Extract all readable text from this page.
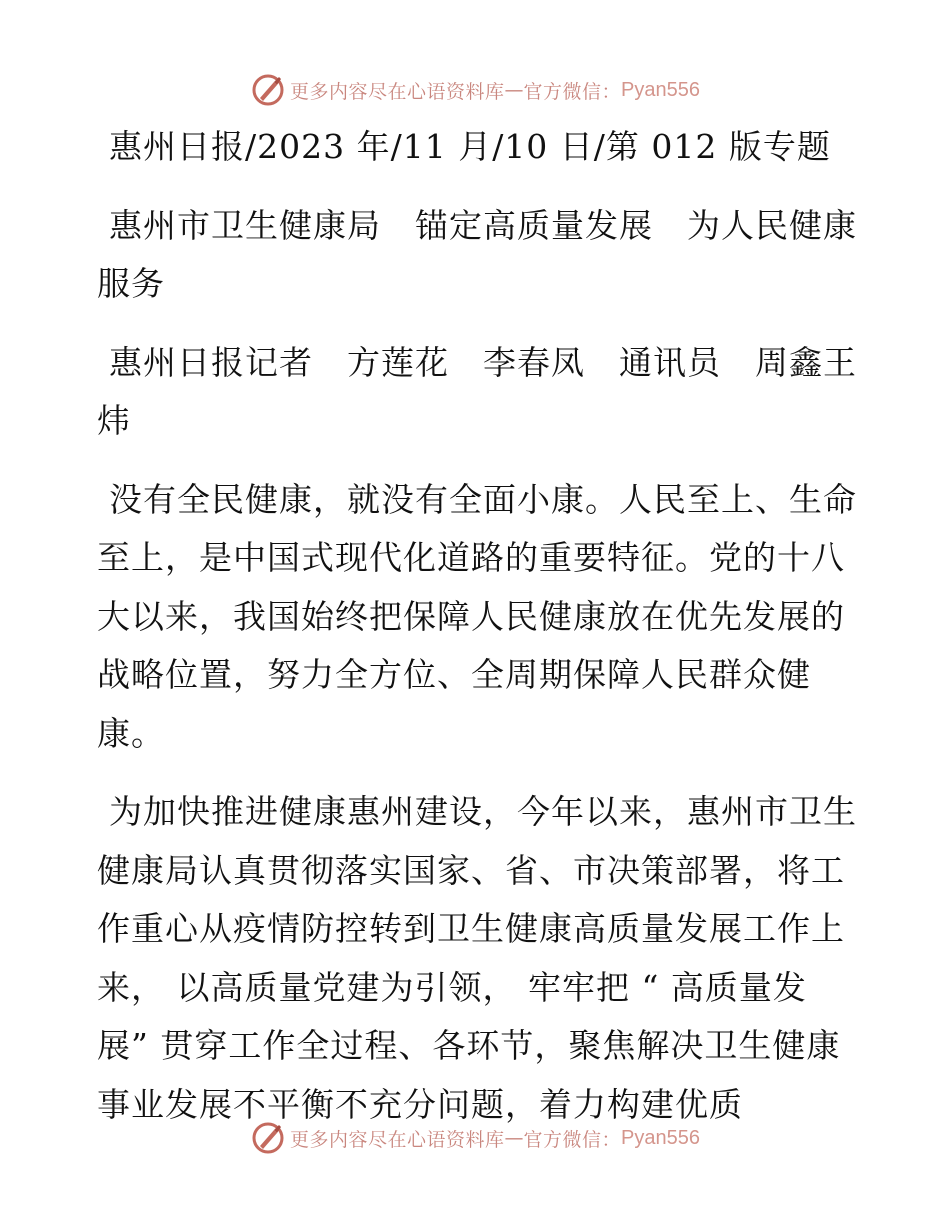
更多内容尽在心语资料库 — 官方微信： Pyan556

惠州日报/2023 年/11 月/10 日/第 012 版专题

惠州市卫生健康局　锚定高质量发展　为人民健康服务

惠州日报记者　方莲花　李春凤　通讯员　周鑫王炜

没有全民健康，就没有全面小康。人民至上、生命至上，是中国式现代化道路的重要特征。党的十八大以来，我国始终把保障人民健康放在优先发展的战略位置，努力全方位、全周期保障人民群众健康。

为加快推进健康惠州建设，今年以来，惠州市卫生健康局认真贯彻落实国家、省、市决策部署，将工作重心从疫情防控转到卫生健康高质量发展工作上来， 以高质量党建为引领， 牢牢把 “ 高质量发展” 贯穿工作全过程、各环节，聚焦解决卫生健康事业发展不平衡不充分问题，着力构建优质

更多内容尽在心语资料库 — 官方微信： Pyan556
